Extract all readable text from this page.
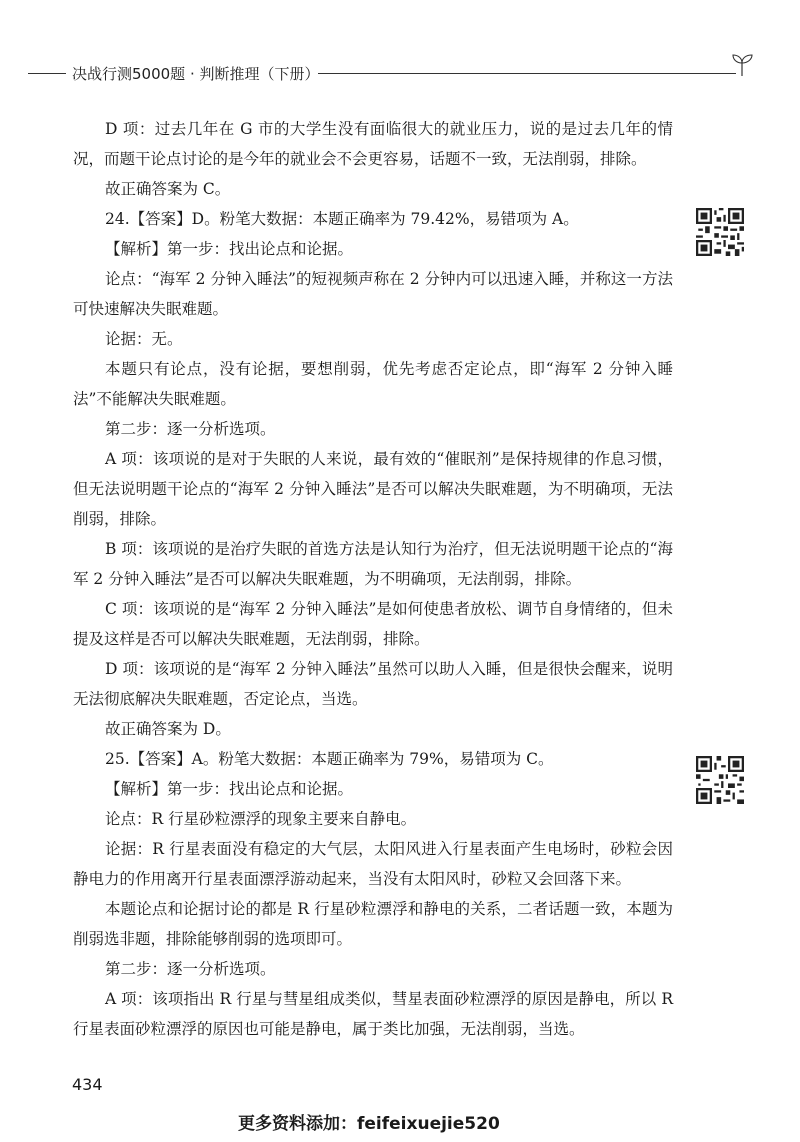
决战行测5000题 · 判断推理（下册）

D 项：过去几年在 G 市的大学生没有面临很大的就业压力，说的是过去几年的情况，而题干论点讨论的是今年的就业会不会更容易，话题不一致，无法削弱，排除。

故正确答案为 C。

24.【答案】D。粉笔大数据：本题正确率为 79.42%，易错项为 A。

【解析】第一步：找出论点和论据。

论点：“海军 2 分钟入睡法”的短视频声称在 2 分钟内可以迅速入睡，并称这一方法可快速解决失眠难题。

论据：无。

本题只有论点，没有论据，要想削弱，优先考虑否定论点，即“海军 2 分钟入睡法”不能解决失眠难题。

第二步：逐一分析选项。

A 项：该项说的是对于失眠的人来说，最有效的“催眠剂”是保持规律的作息习惯，但无法说明题干论点的“海军 2 分钟入睡法”是否可以解决失眠难题，为不明确项，无法削弱，排除。

B 项：该项说的是治疗失眠的首选方法是认知行为治疗，但无法说明题干论点的“海军 2 分钟入睡法”是否可以解决失眠难题，为不明确项，无法削弱，排除。

C 项：该项说的是“海军 2 分钟入睡法”是如何使患者放松、调节自身情绪的，但未提及这样是否可以解决失眠难题，无法削弱，排除。

D 项：该项说的是“海军 2 分钟入睡法”虽然可以助人入睡，但是很快会醒来，说明无法彻底解决失眠难题，否定论点，当选。

故正确答案为 D。

25.【答案】A。粉笔大数据：本题正确率为 79%，易错项为 C。

【解析】第一步：找出论点和论据。

论点：R 行星砂粒漂浮的现象主要来自静电。

论据：R 行星表面没有稳定的大气层，太阳风进入行星表面产生电场时，砂粒会因静电力的作用离开行星表面漂浮游动起来，当没有太阳风时，砂粒又会回落下来。

本题论点和论据讨论的都是 R 行星砂粒漂浮和静电的关系，二者话题一致，本题为削弱选非题，排除能够削弱的选项即可。

第二步：逐一分析选项。

A 项：该项指出 R 行星与彗星组成类似，彗星表面砂粒漂浮的原因是静电，所以 R 行星表面砂粒漂浮的原因也可能是静电，属于类比加强，无法削弱，当选。

434
更多资料添加：feifeixuejie520
